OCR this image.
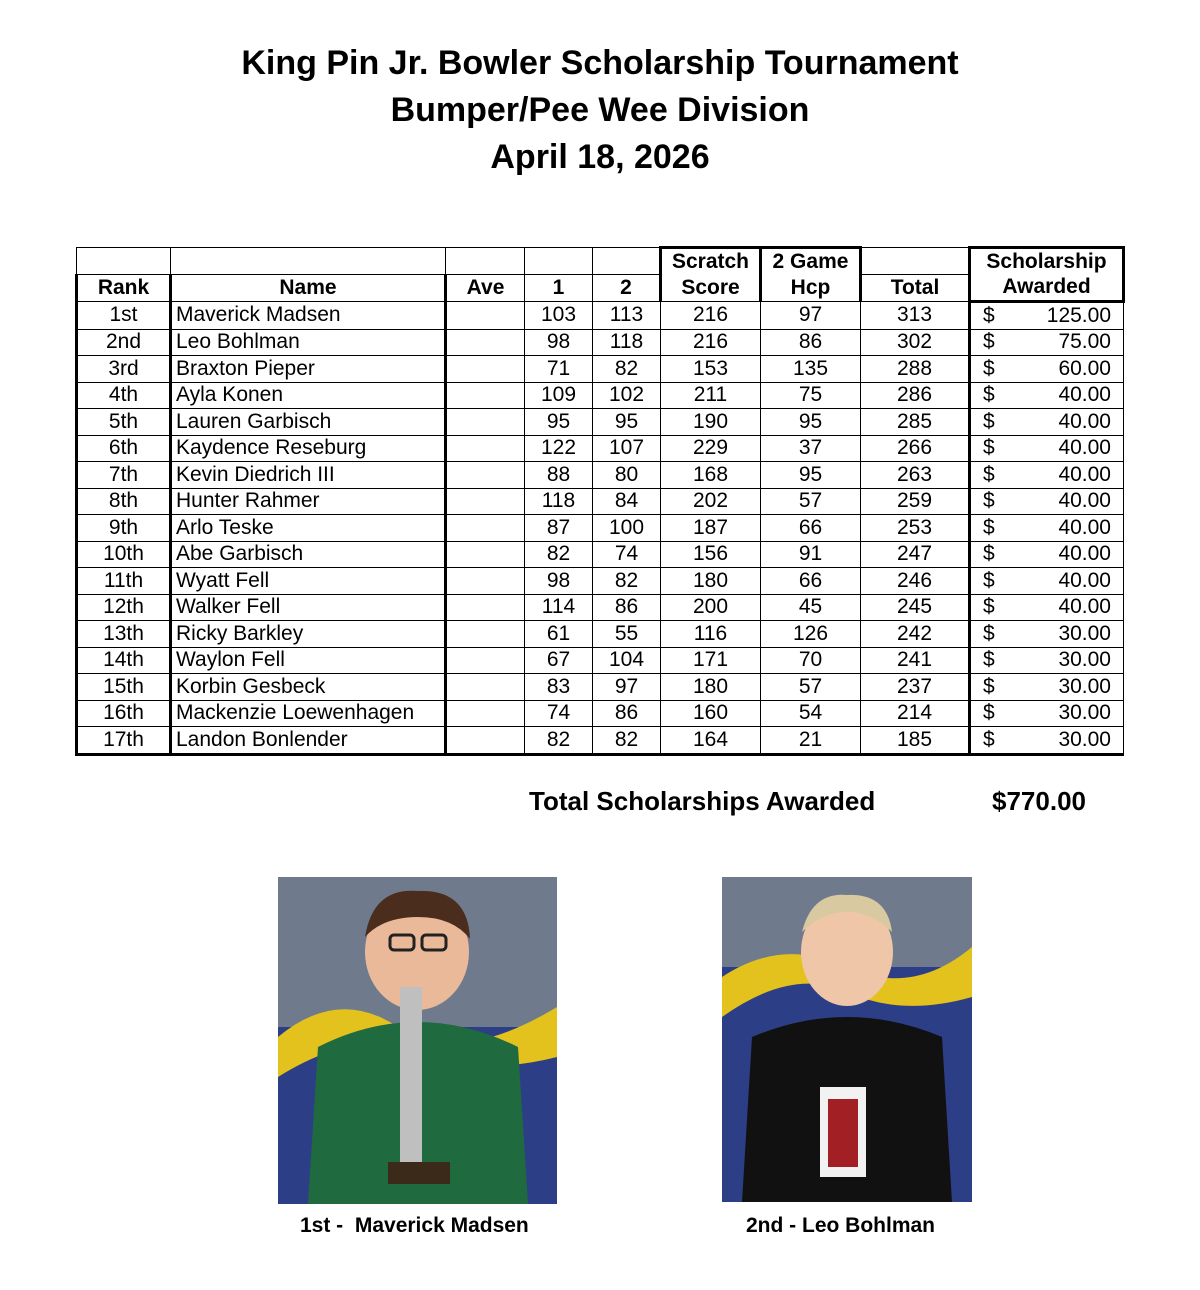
King Pin Jr. Bowler Scholarship Tournament
Bumper/Pee Wee Division
April 18, 2026
					Scratch	2 Game		Scholarship
Rank	Name	Ave	1	2	Score	Hcp	Total	Awarded
1st	Maverick Madsen		103	113	216	97	313	$ 125.00

2nd	Leo Bohlman		98	118	216	86	302	$ 75.00

3rd	Braxton Pieper		71	82	153	135	288	$ 60.00

4th	Ayla Konen		109	102	211	75	286	$ 40.00

5th	Lauren Garbisch		95	95	190	95	285	$ 40.00

6th	Kaydence Reseburg		122	107	229	37	266	$ 40.00

7th	Kevin Diedrich III		88	80	168	95	263	$ 40.00

8th	Hunter Rahmer		118	84	202	57	259	$ 40.00

9th	Arlo Teske		87	100	187	66	253	$ 40.00

10th	Abe Garbisch		82	74	156	91	247	$ 40.00

11th	Wyatt Fell		98	82	180	66	246	$ 40.00

12th	Walker Fell		114	86	200	45	245	$ 40.00

13th	Ricky Barkley		61	55	116	126	242	$ 30.00

14th	Waylon Fell		67	104	171	70	241	$ 30.00

15th	Korbin Gesbeck		83	97	180	57	237	$ 30.00

16th	Mackenzie Loewenhagen		74	86	160	54	214	$ 30.00

17th	Landon Bonlender		82	82	164	21	185	$ 30.00
Total Scholarships Awarded	$770.00
1st -  Maverick Madsen	2nd - Leo Bohlman
